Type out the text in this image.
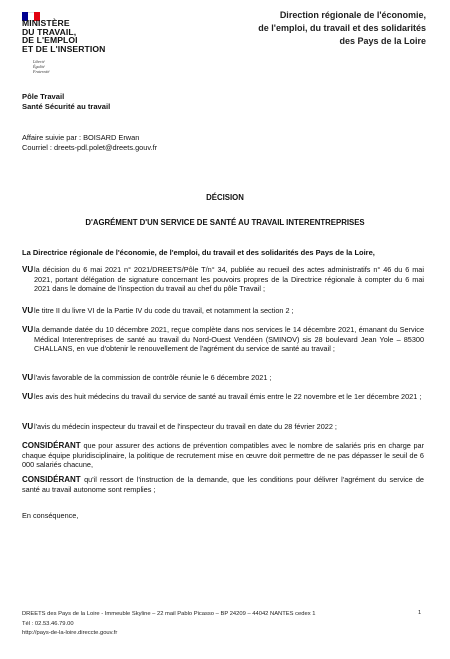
MINISTÈRE
DU TRAVAIL,
DE L'EMPLOI
ET DE L'INSERTION
Liberté
Égalité
Fraternité
Direction régionale de l'économie,
de l'emploi, du travail et des solidarités
des Pays de la Loire
Pôle Travail
Santé Sécurité au travail
Affaire suivie par : BOISARD Erwan
Courriel : dreets-pdl.polet@dreets.gouv.fr
DÉCISION
D'AGRÉMENT D'UN SERVICE DE SANTÉ AU TRAVAIL INTERENTREPRISES
La Directrice régionale de l'économie, de l'emploi, du travail et des solidarités des Pays de la Loire,
VU la décision du 6 mai 2021 n° 2021/DREETS/Pôle T/n° 34, publiée au recueil des actes administratifs n° 46 du 6 mai 2021, portant délégation de signature concernant les pouvoirs propres de la Directrice régionale à compter du 6 mai 2021 dans le domaine de l'inspection du travail au chef du pôle Travail ;
VU le titre II du livre VI de la Partie IV du code du travail, et notamment la section 2 ;
VU la demande datée du 10 décembre 2021, reçue complète dans nos services le 14 décembre 2021, émanant du Service Médical Interentreprises de santé au travail du Nord-Ouest Vendéen (SMINOV) sis 28 boulevard Jean Yole – 85300 CHALLANS, en vue d'obtenir le renouvellement de l'agrément du service de santé au travail ;
VU l'avis favorable de la commission de contrôle réunie le 6 décembre 2021 ;
VU les avis des huit médecins du travail du service de santé au travail émis entre le 22 novembre et le 1er décembre 2021 ;
VU l'avis du médecin inspecteur du travail et de l'inspecteur du travail en date du 28 février 2022 ;
CONSIDÉRANT que pour assurer des actions de prévention compatibles avec le nombre de salariés pris en charge par chaque équipe pluridisciplinaire, la politique de recrutement mise en œuvre doit permettre de ne pas dépasser le seuil de 6 000 salariés chacune,
CONSIDÉRANT qu'il ressort de l'instruction de la demande, que les conditions pour délivrer l'agrément du service de santé au travail autonome sont remplies ;
En conséquence,
DREETS des Pays de la Loire - Immeuble Skyline – 22 mail Pablo Picasso – BP 24209 – 44042 NANTES cedex 1
Tél : 02.53.46.79.00
http://pays-de-la-loire.direccte.gouv.fr
1
